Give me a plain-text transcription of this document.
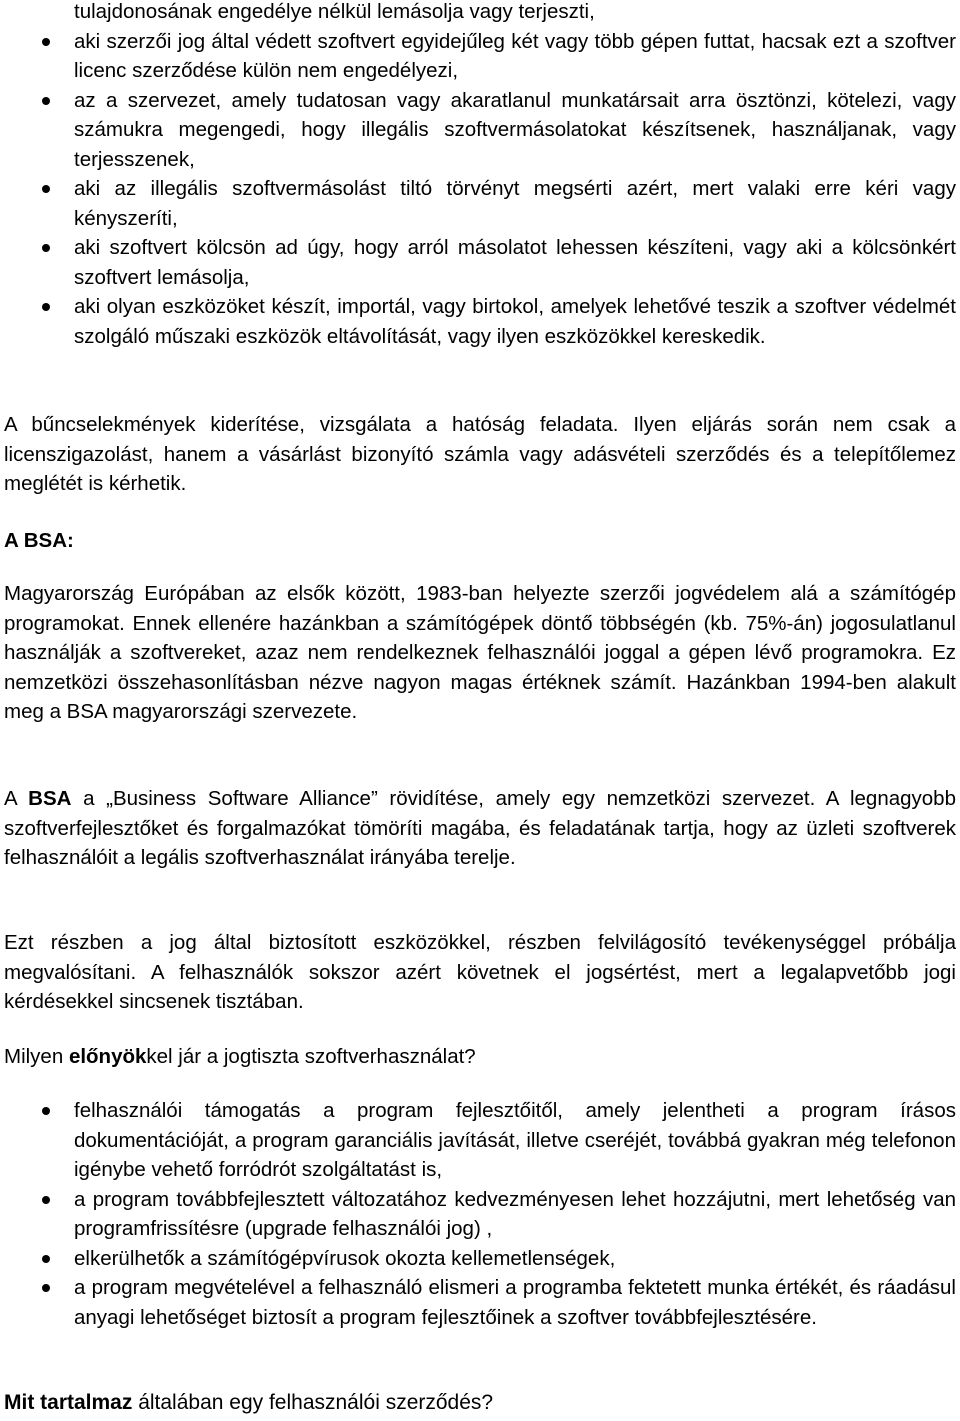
tulajdonosának engedélye nélkül lemásolja vagy terjeszti,
aki szerzői jog által védett szoftvert egyidejűleg két vagy több gépen futtat, hacsak ezt a szoftver licenc szerződése külön nem engedélyezi,
az a szervezet, amely tudatosan vagy akaratlanul munkatársait arra ösztönzi, kötelezi, vagy számukra megengedi, hogy illegális szoftvermásolatokat készítsenek, használjanak, vagy terjesszenek,
aki az illegális szoftvermásolást tiltó törvényt megsérti azért, mert valaki erre kéri vagy kényszeríti,
aki szoftvert kölcsön ad úgy, hogy arról másolatot lehessen készíteni, vagy aki a kölcsönkért szoftvert lemásolja,
aki olyan eszközöket készít, importál, vagy birtokol, amelyek lehetővé teszik a szoftver védelmét szolgáló műszaki eszközök eltávolítását, vagy ilyen eszközökkel kereskedik.

A bűncselekmények kiderítése, vizsgálata a hatóság feladata. Ilyen eljárás során nem csak a licenszigazolást, hanem a vásárlást bizonyító számla vagy adásvételi szerződés és a telepítőlemez meglétét is kérhetik.

A BSA:

Magyarország Európában az elsők között, 1983-ban helyezte szerzői jogvédelem alá a számítógép programokat. Ennek ellenére hazánkban a számítógépek döntő többségén (kb. 75%-án) jogosulatlanul használják a szoftvereket, azaz nem rendelkeznek felhasználói joggal a gépen lévő programokra. Ez nemzetközi összehasonlításban nézve nagyon magas értéknek számít. Hazánkban 1994-ben alakult meg a BSA magyarországi szervezete.

A BSA a „Business Software Alliance” rövidítése, amely egy nemzetközi szervezet. A legnagyobb szoftverfejlesztőket és forgalmazókat tömöríti magába, és feladatának tartja, hogy az üzleti szoftverek felhasználóit a legális szoftverhasználat irányába terelje.

Ezt részben a jog által biztosított eszközökkel, részben felvilágosító tevékenységgel próbálja megvalósítani. A felhasználók sokszor azért követnek el jogsértést, mert a legalapvetőbb jogi kérdésekkel sincsenek tisztában.

Milyen előnyökkel jár a jogtiszta szoftverhasználat?

felhasználói támogatás a program fejlesztőitől, amely jelentheti a program írásos dokumentációját, a program garanciális javítását, illetve cseréjét, továbbá gyakran még telefonon igénybe vehető forródrót szolgáltatást is,
a program továbbfejlesztett változatához kedvezményesen lehet hozzájutni, mert lehetőség van programfrissítésre (upgrade felhasználói jog) ,
elkerülhetők a számítógépvírusok okozta kellemetlenségek,
a program megvételével a felhasználó elismeri a programba fektetett munka értékét, és ráadásul anyagi lehetőséget biztosít a program fejlesztőinek a szoftver továbbfejlesztésére.

Mit tartalmaz általában egy felhasználói szerződés?
